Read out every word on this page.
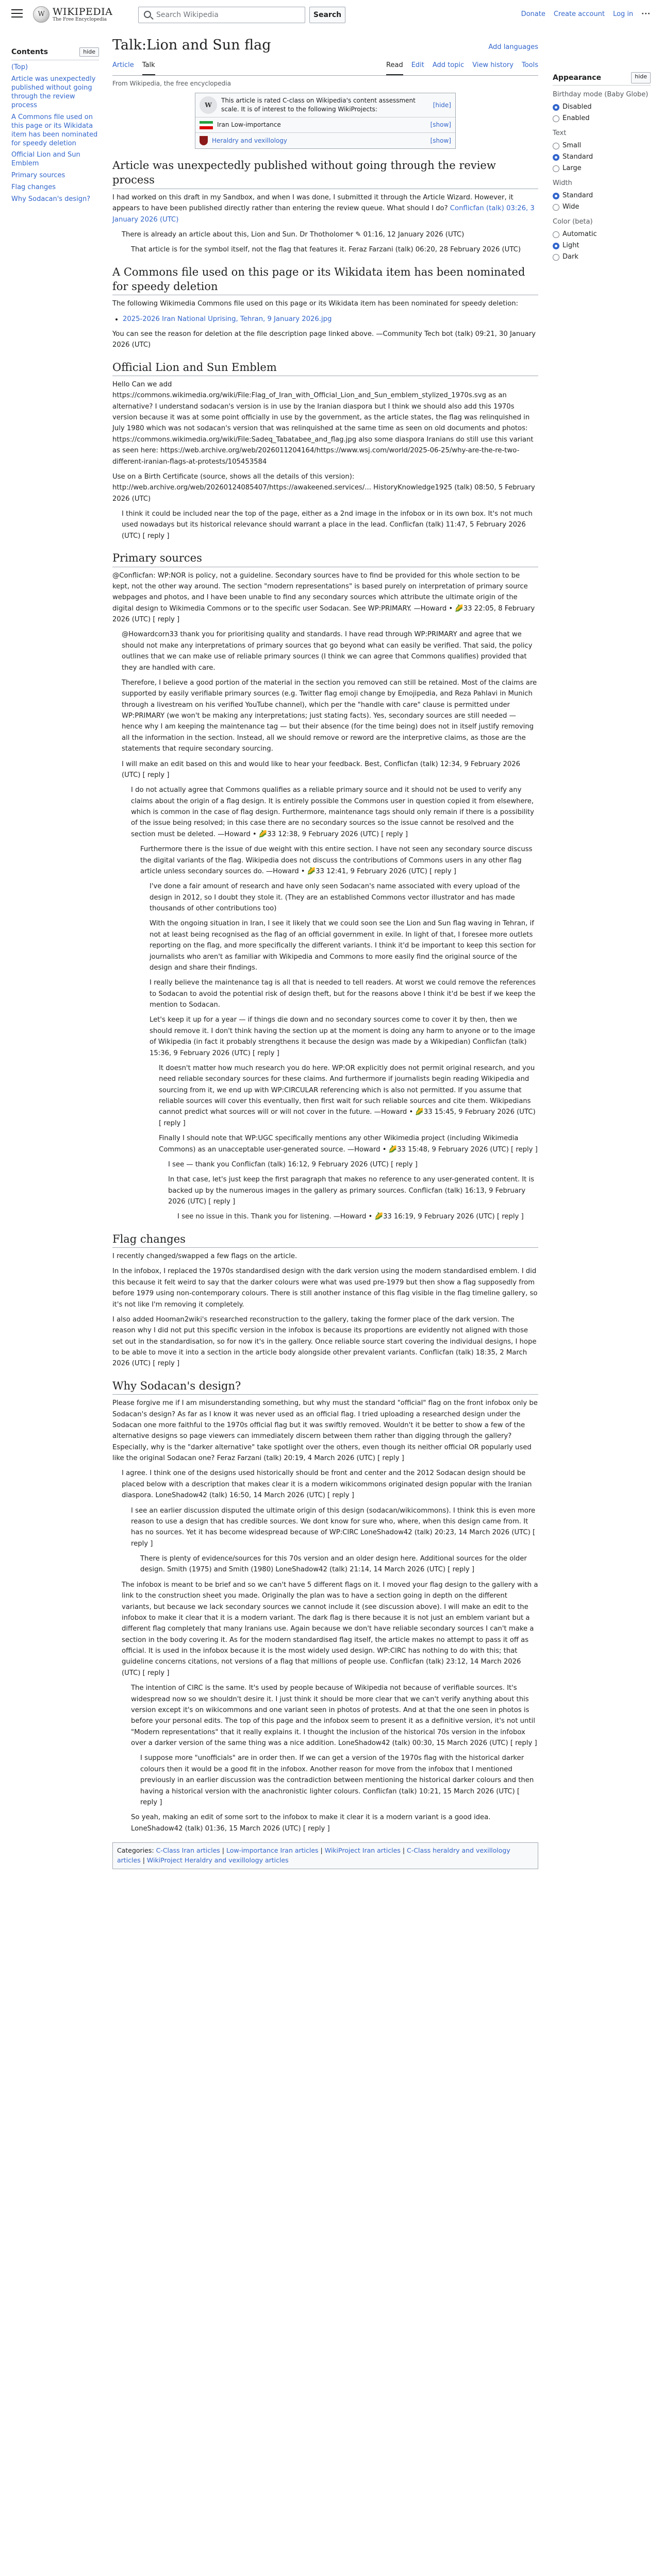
W WIKIPEDIA
The Free Encyclopedia
Search Wikipedia	Search	Donate Create account Log in ···
Contents	hide
(Top)
Article was unexpectedly published without going through the review process
A Commons file used on this page or its Wikidata item has been nominated for speedy deletion
Official Lion and Sun Emblem
Primary sources
Flag changes
Why Sodacan's design?
Appearance	hide
Birthday mode (Baby Globe)
Disabled
Enabled
Text
Small
Standard
Large
Width
Standard
Wide
Color (beta)
Automatic
Light
Dark
Talk:Lion and Sun flag	Add languages
Article Talk	Read Edit Add topic View history Tools
From Wikipedia, the free encyclopedia
W
This article is rated C-class on Wikipedia's content assessment scale. It is of interest to the following WikiProjects:
[hide]
Iran Low-importance	[show]
Heraldry and vexillology	[show]
Article was unexpectedly published without going through the review process

I had worked on this draft in my Sandbox, and when I was done, I submitted it through the Article Wizard. However, it appears to have been published directly rather than entering the review queue. What should I do? Conflicfan (talk) 03:26, 3 January 2026 (UTC)

There is already an article about this, Lion and Sun. Dr Thotholomer ✎ 01:16, 12 January 2026 (UTC)

That article is for the symbol itself, not the flag that features it. Feraz Farzani (talk) 06:20, 28 February 2026 (UTC)

A Commons file used on this page or its Wikidata item has been nominated for speedy deletion

The following Wikimedia Commons file used on this page or its Wikidata item has been nominated for speedy deletion:

• 2025-2026 Iran National Uprising, Tehran, 9 January 2026.jpg

You can see the reason for deletion at the file description page linked above. —Community Tech bot (talk) 09:21, 30 January 2026 (UTC)

Official Lion and Sun Emblem

Hello Can we add https://commons.wikimedia.org/wiki/File:Flag_of_Iran_with_Official_Lion_and_Sun_emblem_stylized_1970s.svg as an alternative? I understand sodacan's version is in use by the Iranian diaspora but I think we should also add this 1970s version because it was at some point officially in use by the government, as the article states, the flag was relinquished in July 1980 which was not sodacan's version that was relinquished at the same time as seen on old documents and photos: https://commons.wikimedia.org/wiki/File:Sadeq_Tabatabee_and_flag.jpg also some diaspora Iranians do still use this variant as seen here: https://web.archive.org/web/2026011204164/https://www.wsj.com/world/2025-06-25/why-are-the-re-two-different-iranian-flags-at-protests/105453584

Use on a Birth Certificate (source, shows all the details of this version): http://web.archive.org/web/20260124085407/https://awakeened.services/... HistoryKnowledge1925 (talk) 08:50, 5 February 2026 (UTC)

I think it could be included near the top of the page, either as a 2nd image in the infobox or in its own box. It's not much used nowadays but its historical relevance should warrant a place in the lead. Conflicfan (talk) 11:47, 5 February 2026 (UTC) [ reply ]

Primary sources

@Conflicfan: WP:NOR is policy, not a guideline. Secondary sources have to find be provided for this whole section to be kept, not the other way around. The section "modern representations" is based purely on interpretation of primary source webpages and photos, and I have been unable to find any secondary sources which attribute the ultimate origin of the digital design to Wikimedia Commons or to the specific user Sodacan. See WP:PRIMARY. —Howard • 🌽33 22:05, 8 February 2026 (UTC) [ reply ]

@Howardcorn33 thank you for prioritising quality and standards. I have read through WP:PRIMARY and agree that we should not make any interpretations of primary sources that go beyond what can easily be verified. That said, the policy outlines that we can make use of reliable primary sources (I think we can agree that Commons qualifies) provided that they are handled with care.

Therefore, I believe a good portion of the material in the section you removed can still be retained. Most of the claims are supported by easily verifiable primary sources (e.g. Twitter flag emoji change by Emojipedia, and Reza Pahlavi in Munich through a livestream on his verified YouTube channel), which per the "handle with care" clause is permitted under WP:PRIMARY (we won't be making any interpretations; just stating facts). Yes, secondary sources are still needed — hence why I am keeping the maintenance tag — but their absence (for the time being) does not in itself justify removing all the information in the section. Instead, all we should remove or reword are the interpretive claims, as those are the statements that require secondary sourcing.

I will make an edit based on this and would like to hear your feedback. Best, Conflicfan (talk) 12:34, 9 February 2026 (UTC) [ reply ]

I do not actually agree that Commons qualifies as a reliable primary source and it should not be used to verify any claims about the origin of a flag design. It is entirely possible the Commons user in question copied it from elsewhere, which is common in the case of flag design. Furthermore, maintenance tags should only remain if there is a possibility of the issue being resolved; in this case there are no secondary sources so the issue cannot be resolved and the section must be deleted. —Howard • 🌽33 12:38, 9 February 2026 (UTC) [ reply ]

Furthermore there is the issue of due weight with this entire section. I have not seen any secondary source discuss the digital variants of the flag. Wikipedia does not discuss the contributions of Commons users in any other flag article unless secondary sources do. —Howard • 🌽33 12:41, 9 February 2026 (UTC) [ reply ]

I've done a fair amount of research and have only seen Sodacan's name associated with every upload of the design in 2012, so I doubt they stole it. (They are an established Commons vector illustrator and has made thousands of other contributions too)

With the ongoing situation in Iran, I see it likely that we could soon see the Lion and Sun flag waving in Tehran, if not at least being recognised as the flag of an official government in exile. In light of that, I foresee more outlets reporting on the flag, and more specifically the different variants. I think it'd be important to keep this section for journalists who aren't as familiar with Wikipedia and Commons to more easily find the original source of the design and share their findings.

I really believe the maintenance tag is all that is needed to tell readers. At worst we could remove the references to Sodacan to avoid the potential risk of design theft, but for the reasons above I think it'd be best if we keep the mention to Sodacan.

Let's keep it up for a year — if things die down and no secondary sources come to cover it by then, then we should remove it. I don't think having the section up at the moment is doing any harm to anyone or to the image of Wikipedia (in fact it probably strengthens it because the design was made by a Wikipedian) Conflicfan (talk) 15:36, 9 February 2026 (UTC) [ reply ]

It doesn't matter how much research you do here. WP:OR explicitly does not permit original research, and you need reliable secondary sources for these claims. And furthermore if journalists begin reading Wikipedia and sourcing from it, we end up with WP:CIRCULAR referencing which is also not permitted. If you assume that reliable sources will cover this eventually, then first wait for such reliable sources and cite them. Wikipedians cannot predict what sources will or will not cover in the future. —Howard • 🌽33 15:45, 9 February 2026 (UTC) [ reply ]

Finally I should note that WP:UGC specifically mentions any other Wikimedia project (including Wikimedia Commons) as an unacceptable user-generated source. —Howard • 🌽33 15:48, 9 February 2026 (UTC) [ reply ]

I see — thank you Conflicfan (talk) 16:12, 9 February 2026 (UTC) [ reply ]

In that case, let's just keep the first paragraph that makes no reference to any user-generated content. It is backed up by the numerous images in the gallery as primary sources. Conflicfan (talk) 16:13, 9 February 2026 (UTC) [ reply ]

I see no issue in this. Thank you for listening. —Howard • 🌽33 16:19, 9 February 2026 (UTC) [ reply ]

Flag changes

I recently changed/swapped a few flags on the article.

In the infobox, I replaced the 1970s standardised design with the dark version using the modern standardised emblem. I did this because it felt weird to say that the darker colours were what was used pre-1979 but then show a flag supposedly from before 1979 using non-contemporary colours. There is still another instance of this flag visible in the flag timeline gallery, so it's not like I'm removing it completely.

I also added Hooman2wiki's researched reconstruction to the gallery, taking the former place of the dark version. The reason why I did not put this specific version in the infobox is because its proportions are evidently not aligned with those set out in the standardisation, so for now it's in the gallery. Once reliable source start covering the individual designs, I hope to be able to move it into a section in the article body alongside other prevalent variants. Conflicfan (talk) 18:35, 2 March 2026 (UTC) [ reply ]

Why Sodacan's design?

Please forgive me if I am misunderstanding something, but why must the standard "official" flag on the front infobox only be Sodacan's design? As far as I know it was never used as an official flag. I tried uploading a researched design under the Sodacan one more faithful to the 1970s official flag but it was swiftly removed. Wouldn't it be better to show a few of the alternative designs so page viewers can immediately discern between them rather than digging through the gallery? Especially, why is the "darker alternative" take spotlight over the others, even though its neither official OR popularly used like the original Sodacan one? Feraz Farzani (talk) 20:19, 4 March 2026 (UTC) [ reply ]

I agree. I think one of the designs used historically should be front and center and the 2012 Sodacan design should be placed below with a description that makes clear it is a modern wikicommons originated design popular with the Iranian diaspora. LoneShadow42 (talk) 16:50, 14 March 2026 (UTC) [ reply ]

I see an earlier discussion disputed the ultimate origin of this design (sodacan/wikicommons). I think this is even more reason to use a design that has credible sources. We dont know for sure who, where, when this design came from. It has no sources. Yet it has become widespread because of WP:CIRC LoneShadow42 (talk) 20:23, 14 March 2026 (UTC) [ reply ]

There is plenty of evidence/sources for this 70s version and an older design here. Additional sources for the older design. Smith (1975) and Smith (1980) LoneShadow42 (talk) 21:14, 14 March 2026 (UTC) [ reply ]

The infobox is meant to be brief and so we can't have 5 different flags on it. I moved your flag design to the gallery with a link to the construction sheet you made. Originally the plan was to have a section going in depth on the different variants, but because we lack secondary sources we cannot include it (see discussion above). I will make an edit to the infobox to make it clear that it is a modern variant. The dark flag is there because it is not just an emblem variant but a different flag completely that many Iranians use. Again because we don't have reliable secondary sources I can't make a section in the body covering it. As for the modern standardised flag itself, the article makes no attempt to pass it off as official. It is used in the infobox because it is the most widely used design. WP:CIRC has nothing to do with this; that guideline concerns citations, not versions of a flag that millions of people use. Conflicfan (talk) 23:12, 14 March 2026 (UTC) [ reply ]

The intention of CIRC is the same. It's used by people because of Wikipedia not because of verifiable sources. It's widespread now so we shouldn't desire it. I just think it should be more clear that we can't verify anything about this version except it's on wikicommons and one variant seen in photos of protests. And at that the one seen in photos is before your personal edits. The top of this page and the infobox seem to present it as a definitive version, it's not until "Modern representations" that it really explains it. I thought the inclusion of the historical 70s version in the infobox over a darker version of the same thing was a nice addition. LoneShadow42 (talk) 00:30, 15 March 2026 (UTC) [ reply ]

I suppose more "unofficials" are in order then. If we can get a version of the 1970s flag with the historical darker colours then it would be a good fit in the infobox. Another reason for move from the infobox that I mentioned previously in an earlier discussion was the contradiction between mentioning the historical darker colours and then having a historical version with the anachronistic lighter colours. Conflicfan (talk) 10:21, 15 March 2026 (UTC) [ reply ]

So yeah, making an edit of some sort to the infobox to make it clear it is a modern variant is a good idea. LoneShadow42 (talk) 01:36, 15 March 2026 (UTC) [ reply ]

Categories: C-Class Iran articles | Low-importance Iran articles | WikiProject Iran articles | C-Class heraldry and vexillology articles | WikiProject Heraldry and vexillology articles
